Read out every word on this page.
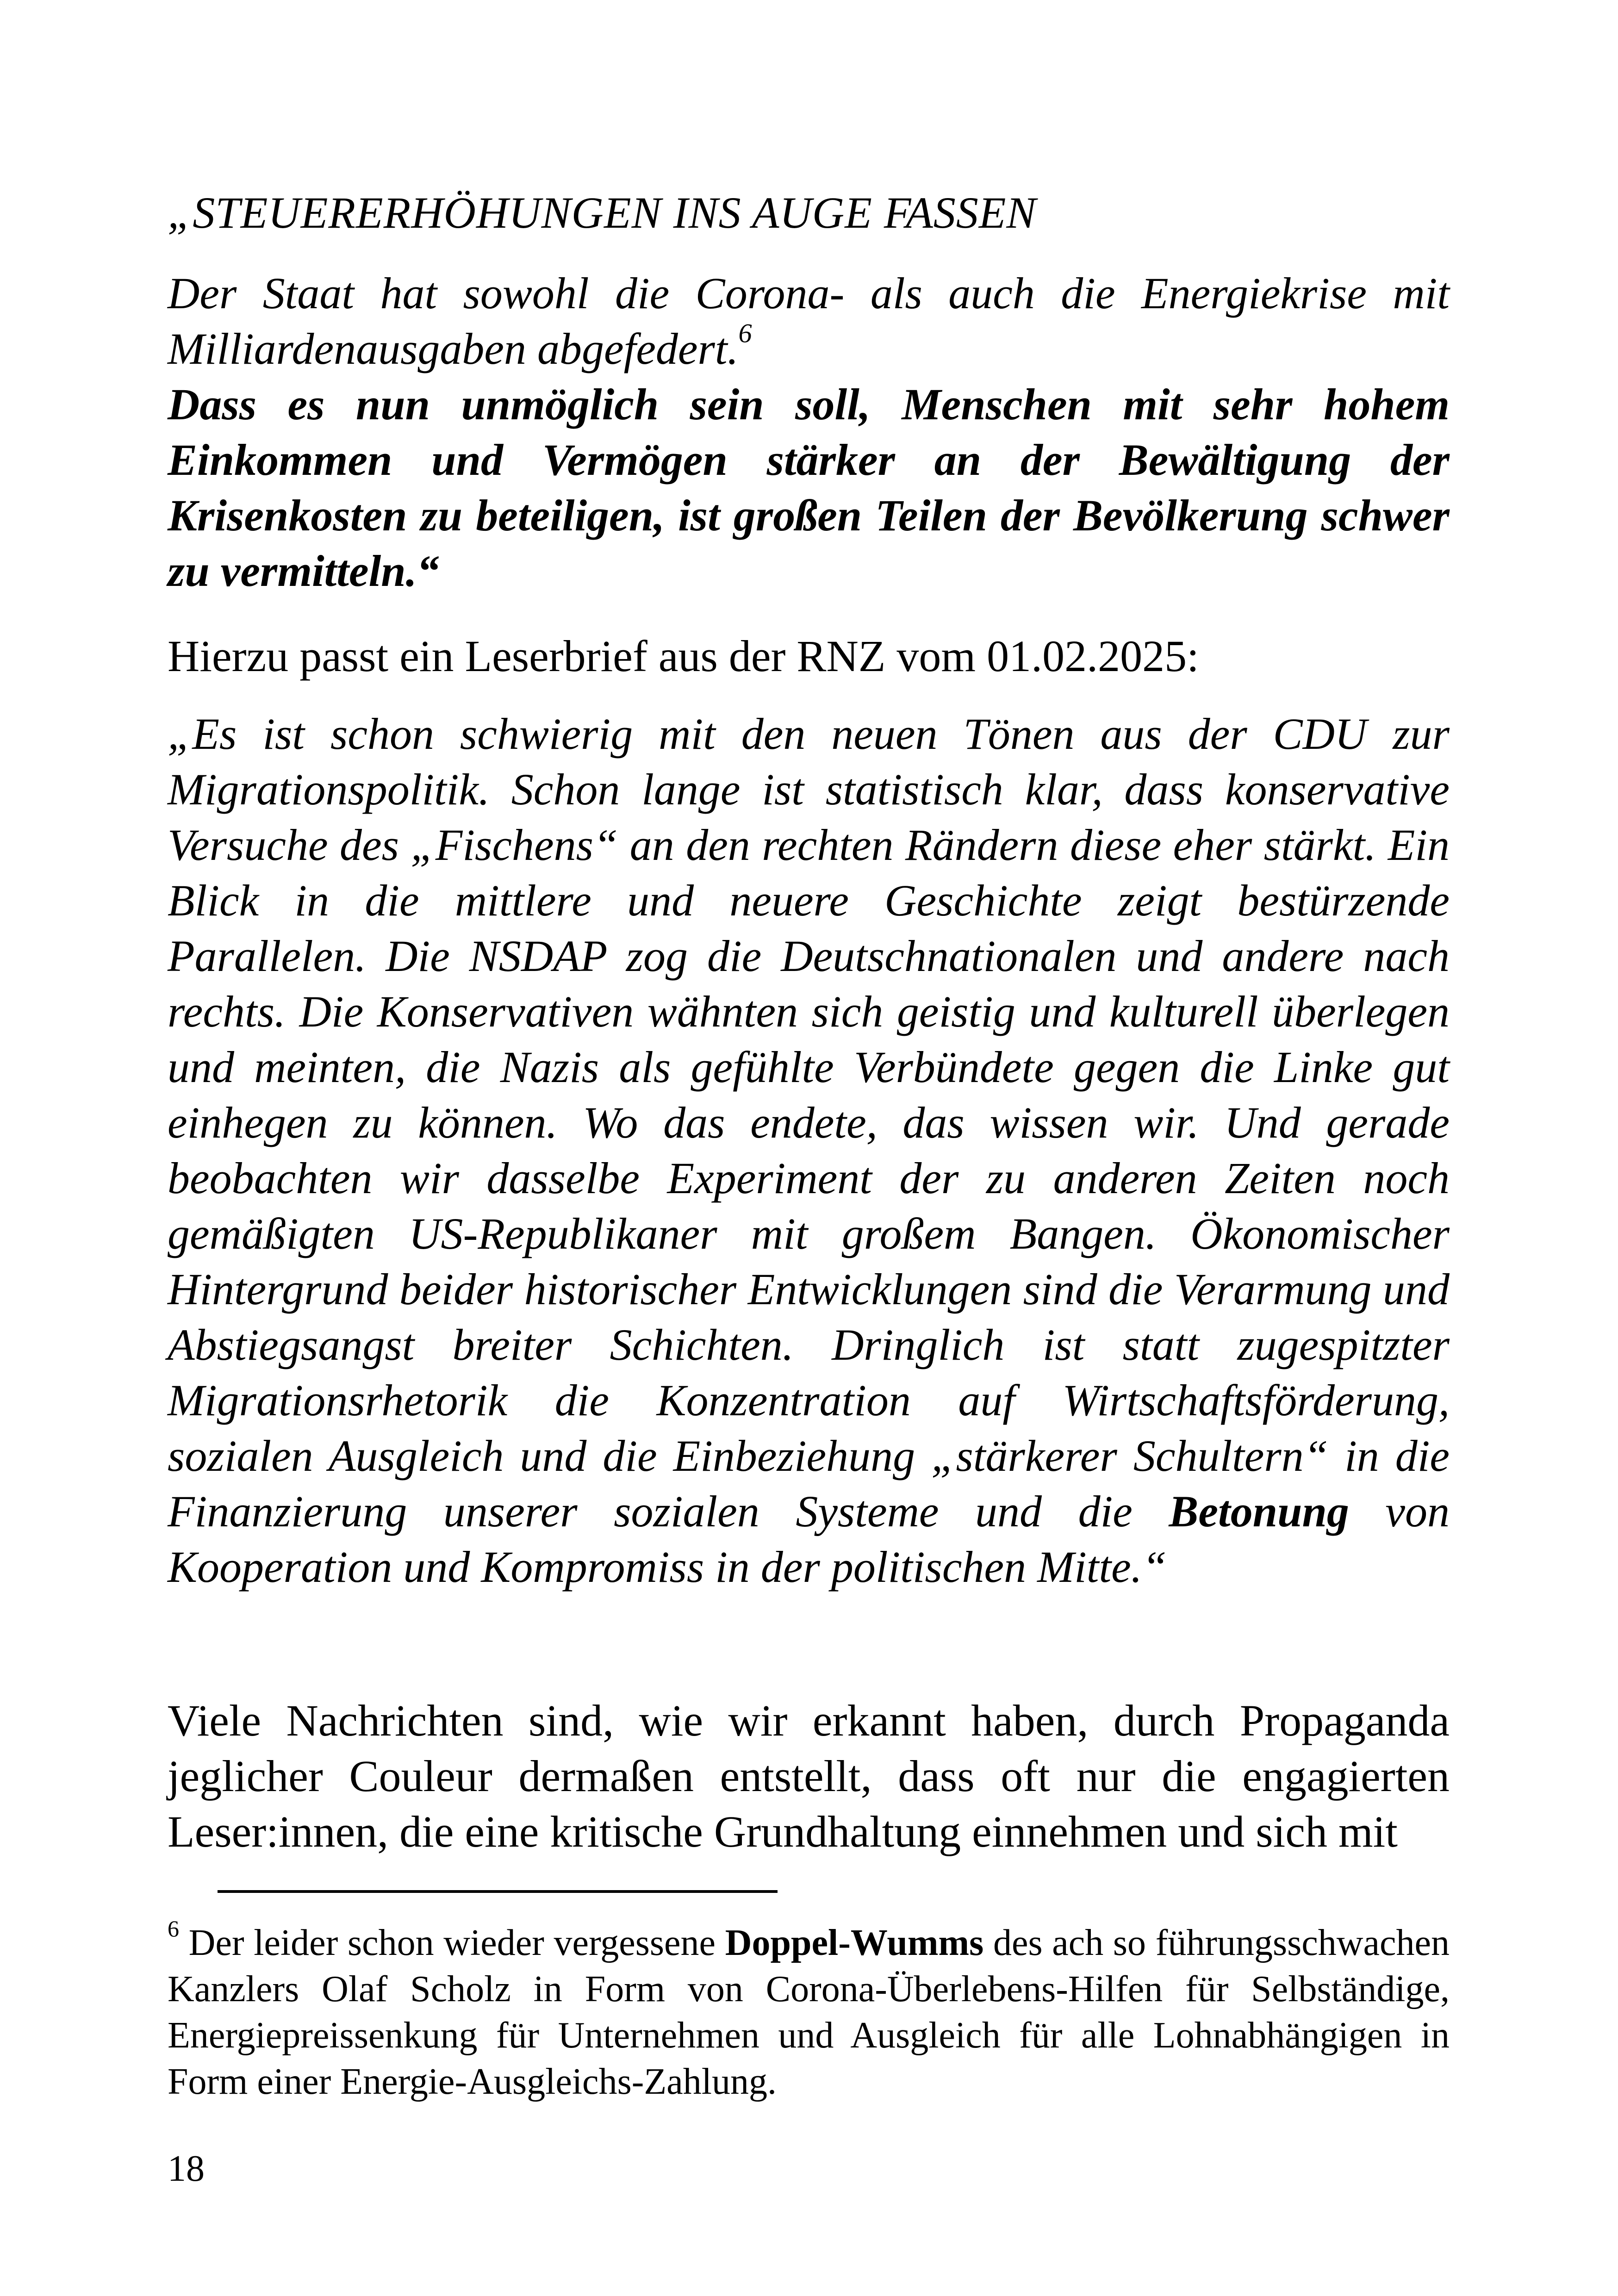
„STEUERERHÖHUNGEN INS AUGE FASSEN
Der Staat hat sowohl die Corona- als auch die Energiekrise mit Milliardenausgaben abgefedert.$^6$
Dass es nun unmöglich sein soll, Menschen mit sehr hohem Einkommen und Vermögen stärker an der Bewältigung der Krisenkosten zu beteiligen, ist großen Teilen der Bevölkerung schwer zu vermitteln.“
Hierzu passt ein Leserbrief aus der RNZ vom 01.02.2025:
„Es ist schon schwierig mit den neuen Tönen aus der CDU zur Migrationspolitik. Schon lange ist statistisch klar, dass konservative Versuche des „Fischens“ an den rechten Rändern diese eher stärkt. Ein Blick in die mittlere und neuere Geschichte zeigt bestürzende Parallelen. Die NSDAP zog die Deutschnationalen und andere nach rechts. Die Konservativen wähnten sich geistig und kulturell überlegen und meinten, die Nazis als gefühlte Verbündete gegen die Linke gut einhegen zu können. Wo das endete, das wissen wir. Und gerade beobachten wir dasselbe Experiment der zu anderen Zeiten noch gemäßigten US-Republikaner mit großem Bangen. Ökonomischer Hintergrund beider historischer Entwicklungen sind die Verarmung und Abstiegsangst breiter Schichten. Dringlich ist statt zugespitzter Migrationsrhetorik die Konzentration auf Wirtschaftsförderung, sozialen Ausgleich und die Einbeziehung „stärkerer Schultern“ in die Finanzierung unserer sozialen Systeme und die Betonung von Kooperation und Kompromiss in der politischen Mitte.“
Viele Nachrichten sind, wie wir erkannt haben, durch Propaganda jeglicher Couleur dermaßen entstellt, dass oft nur die engagierten Leser:innen, die eine kritische Grundhaltung einnehmen und sich mit
$^6$ Der leider schon wieder vergessene Doppel-Wumms des ach so führungsschwachen Kanzlers Olaf Scholz in Form von Corona-Überlebens-Hilfen für Selbständige, Energiepreissenkung für Unternehmen und Ausgleich für alle Lohnabhängigen in Form einer Energie-Ausgleichs-Zahlung.
18
